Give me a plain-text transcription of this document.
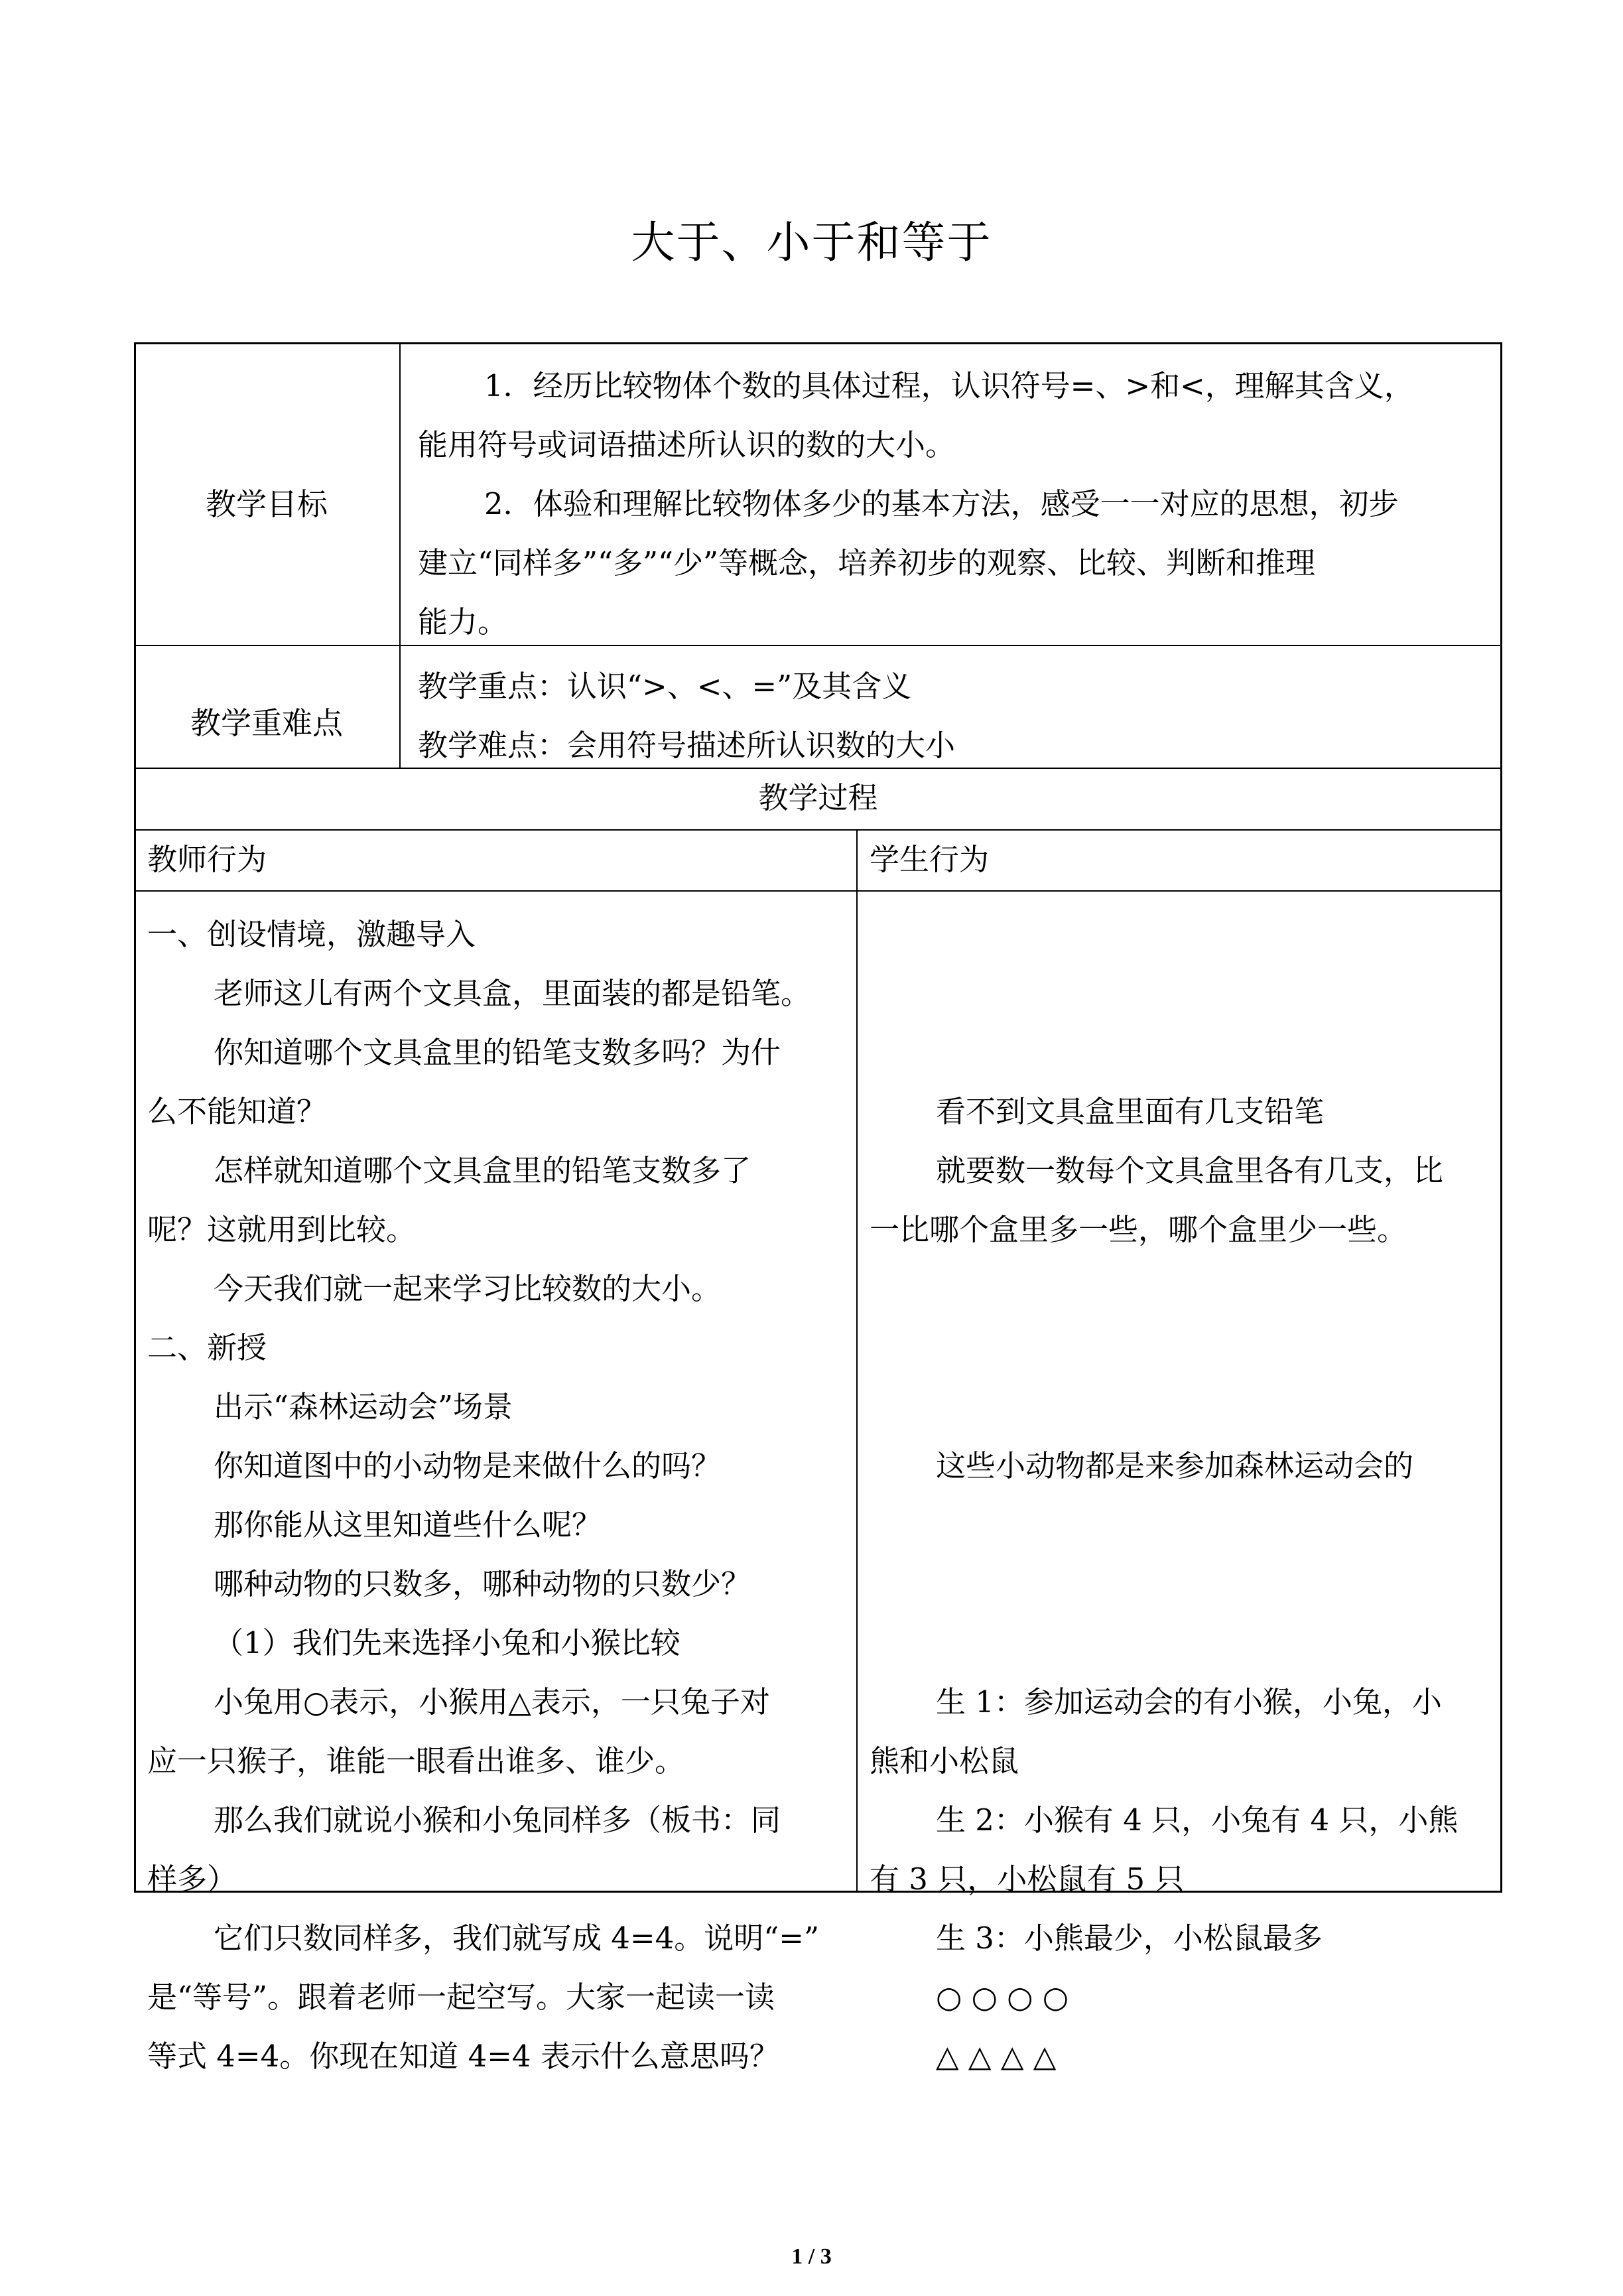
大于、小于和等于
教学目标
1．经历比较物体个数的具体过程，认识符号=、>和<，理解其含义，
能用符号或词语描述所认识的数的大小。
2．体验和理解比较物体多少的基本方法，感受一一对应的思想，初步
建立“同样多”“多”“少”等概念，培养初步的观察、比较、判断和推理
能力。
教学重难点
教学重点：认识“>、<、=”及其含义
教学难点：会用符号描述所认识数的大小
教学过程
教师行为	学生行为
一、创设情境，激趣导入
老师这儿有两个文具盒，里面装的都是铅笔。
你知道哪个文具盒里的铅笔支数多吗？为什
么不能知道？
怎样就知道哪个文具盒里的铅笔支数多了
呢？这就用到比较。
今天我们就一起来学习比较数的大小。
二、新授
出示“森林运动会”场景
你知道图中的小动物是来做什么的吗？
那你能从这里知道些什么呢？
哪种动物的只数多，哪种动物的只数少？
（1）我们先来选择小兔和小猴比较
小兔用○表示，小猴用△表示，一只兔子对
应一只猴子，谁能一眼看出谁多、谁少。
那么我们就说小猴和小兔同样多（板书：同
样多）
它们只数同样多，我们就写成 4=4。说明“=”
是“等号”。跟着老师一起空写。大家一起读一读
等式 4=4。你现在知道 4=4 表示什么意思吗？
看不到文具盒里面有几支铅笔
就要数一数每个文具盒里各有几支，比
一比哪个盒里多一些，哪个盒里少一些。
这些小动物都是来参加森林运动会的
生 1：参加运动会的有小猴，小兔，小
熊和小松鼠
生 2：小猴有 4 只，小兔有 4 只，小熊
有 3 只，小松鼠有 5 只
生 3：小熊最少，小松鼠最多
○ ○ ○ ○
△ △ △ △
1 / 3
